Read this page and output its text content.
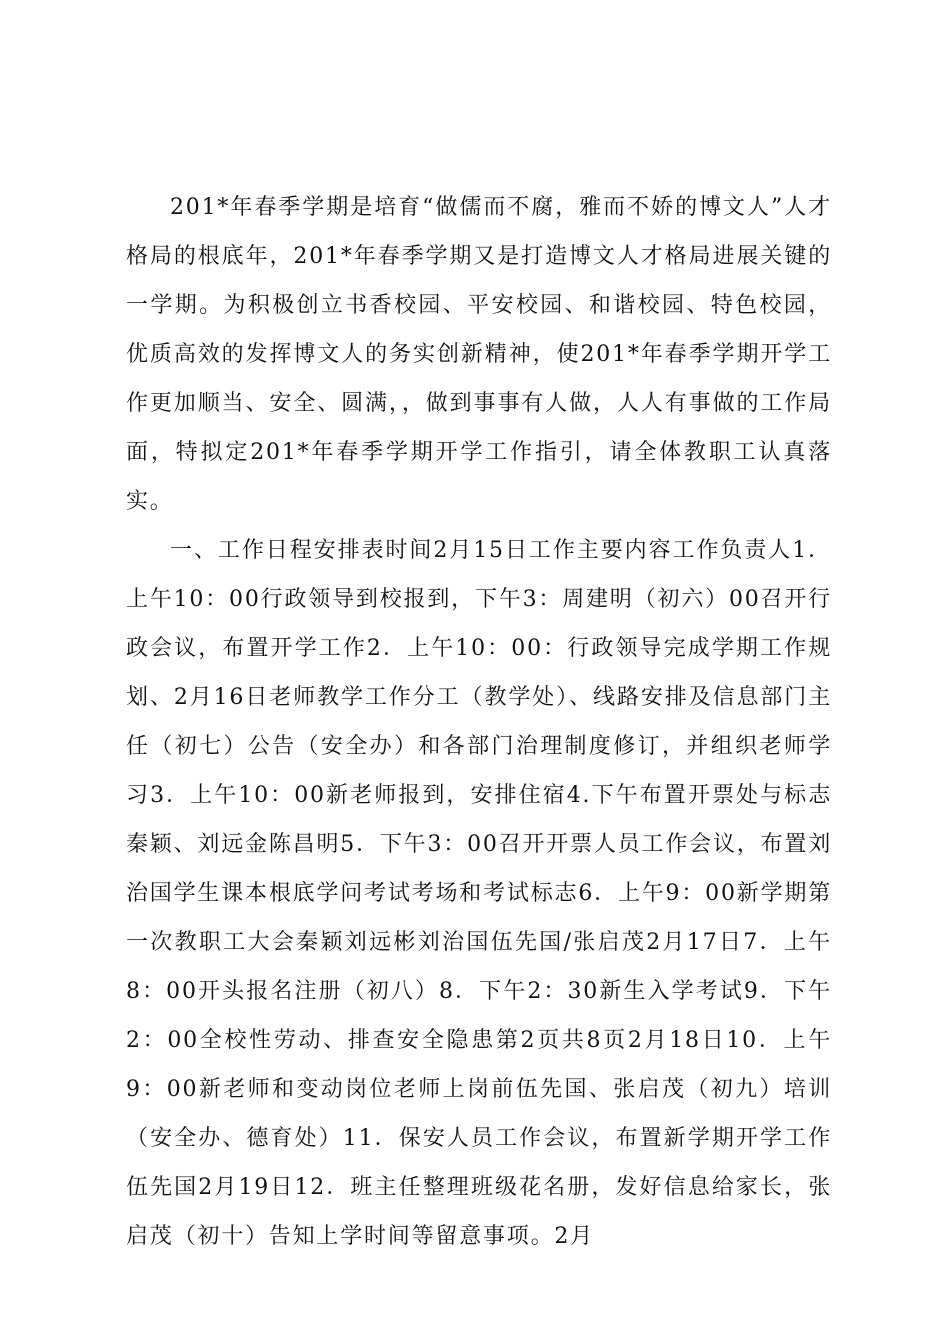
201*年春季学期是培育“做儒而不腐，雅而不娇的博文人”人才格局的根底年，201*年春季学期又是打造博文人才格局进展关键的一学期。为积极创立书香校园、平安校园、和谐校园、特色校园，优质高效的发挥博文人的务实创新精神，使201*年春季学期开学工作更加顺当、安全、圆满，，做到事事有人做，人人有事做的工作局面，特拟定201*年春季学期开学工作指引，请全体教职工认真落实。

一、工作日程安排表时间2月15日工作主要内容工作负责人1．上午10：00行政领导到校报到，下午3：周建明（初六）00召开行政会议，布置开学工作2．上午10：00：行政领导完成学期工作规划、2月16日老师教学工作分工（教学处）、线路安排及信息部门主任（初七）公告（安全办）和各部门治理制度修订，并组织老师学习3．上午10：00新老师报到，安排住宿4.下午布置开票处与标志秦颖、刘远金陈昌明5．下午3：00召开开票人员工作会议，布置刘治国学生课本根底学问考试考场和考试标志6．上午9：00新学期第一次教职工大会秦颖刘远彬刘治国伍先国/张启茂2月17日7．上午8：00开头报名注册（初八）8．下午2：30新生入学考试9．下午2：00全校性劳动、排查安全隐患第2页共8页2月18日10．上午9：00新老师和变动岗位老师上岗前伍先国、张启茂（初九）培训（安全办、德育处）11．保安人员工作会议，布置新学期开学工作伍先国2月19日12．班主任整理班级花名册，发好信息给家长，张启茂（初十）告知上学时间等留意事项。2月
